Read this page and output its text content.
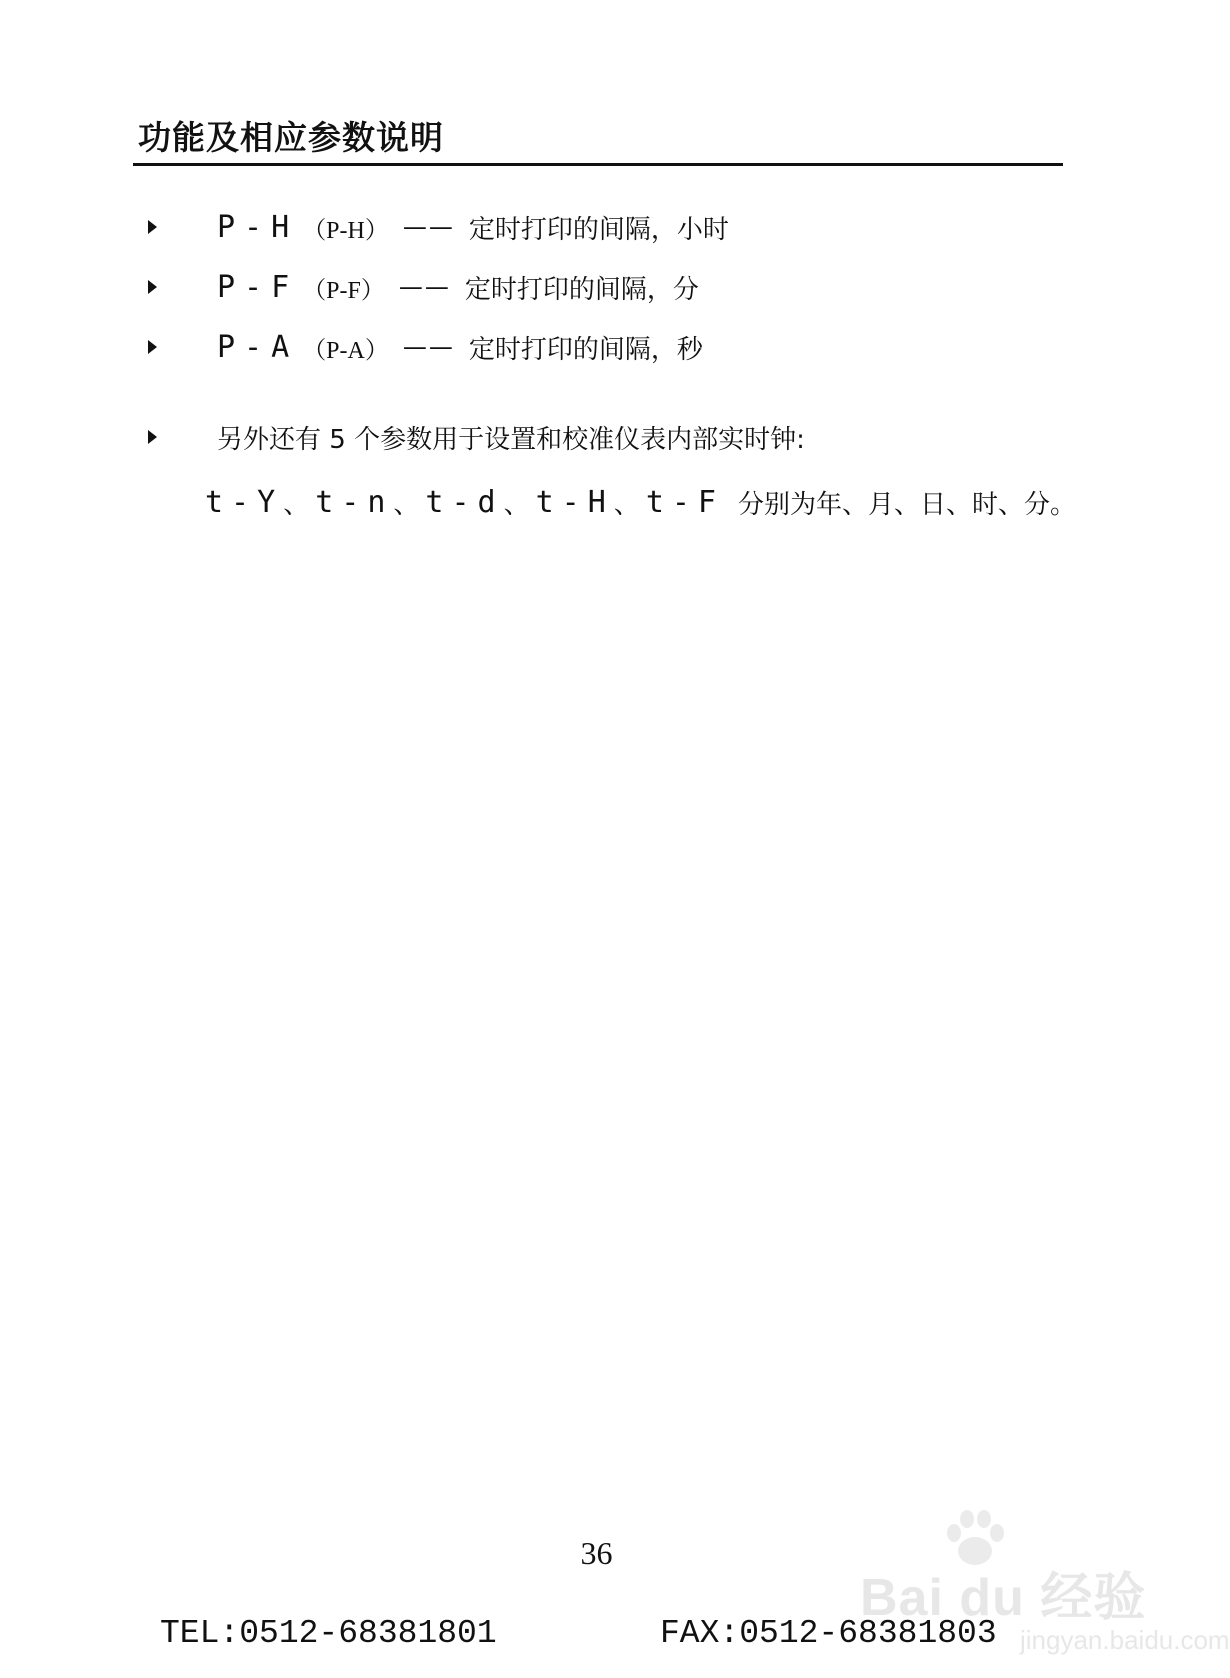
功能及相应参数说明
P-H （P-H） —— 定时打印的间隔，小时
P-F （P-F） —— 定时打印的间隔，分
P-A （P-A） —— 定时打印的间隔，秒
另外还有 5 个参数用于设置和校准仪表内部实时钟:
t-Y 、 t-n 、 t-d 、 t-H 、 t-F 分别为年、月、日、时、分。
36
TEL:0512-68381801	FAX:0512-68381803
Bai du 经验
jingyan.baidu.com
